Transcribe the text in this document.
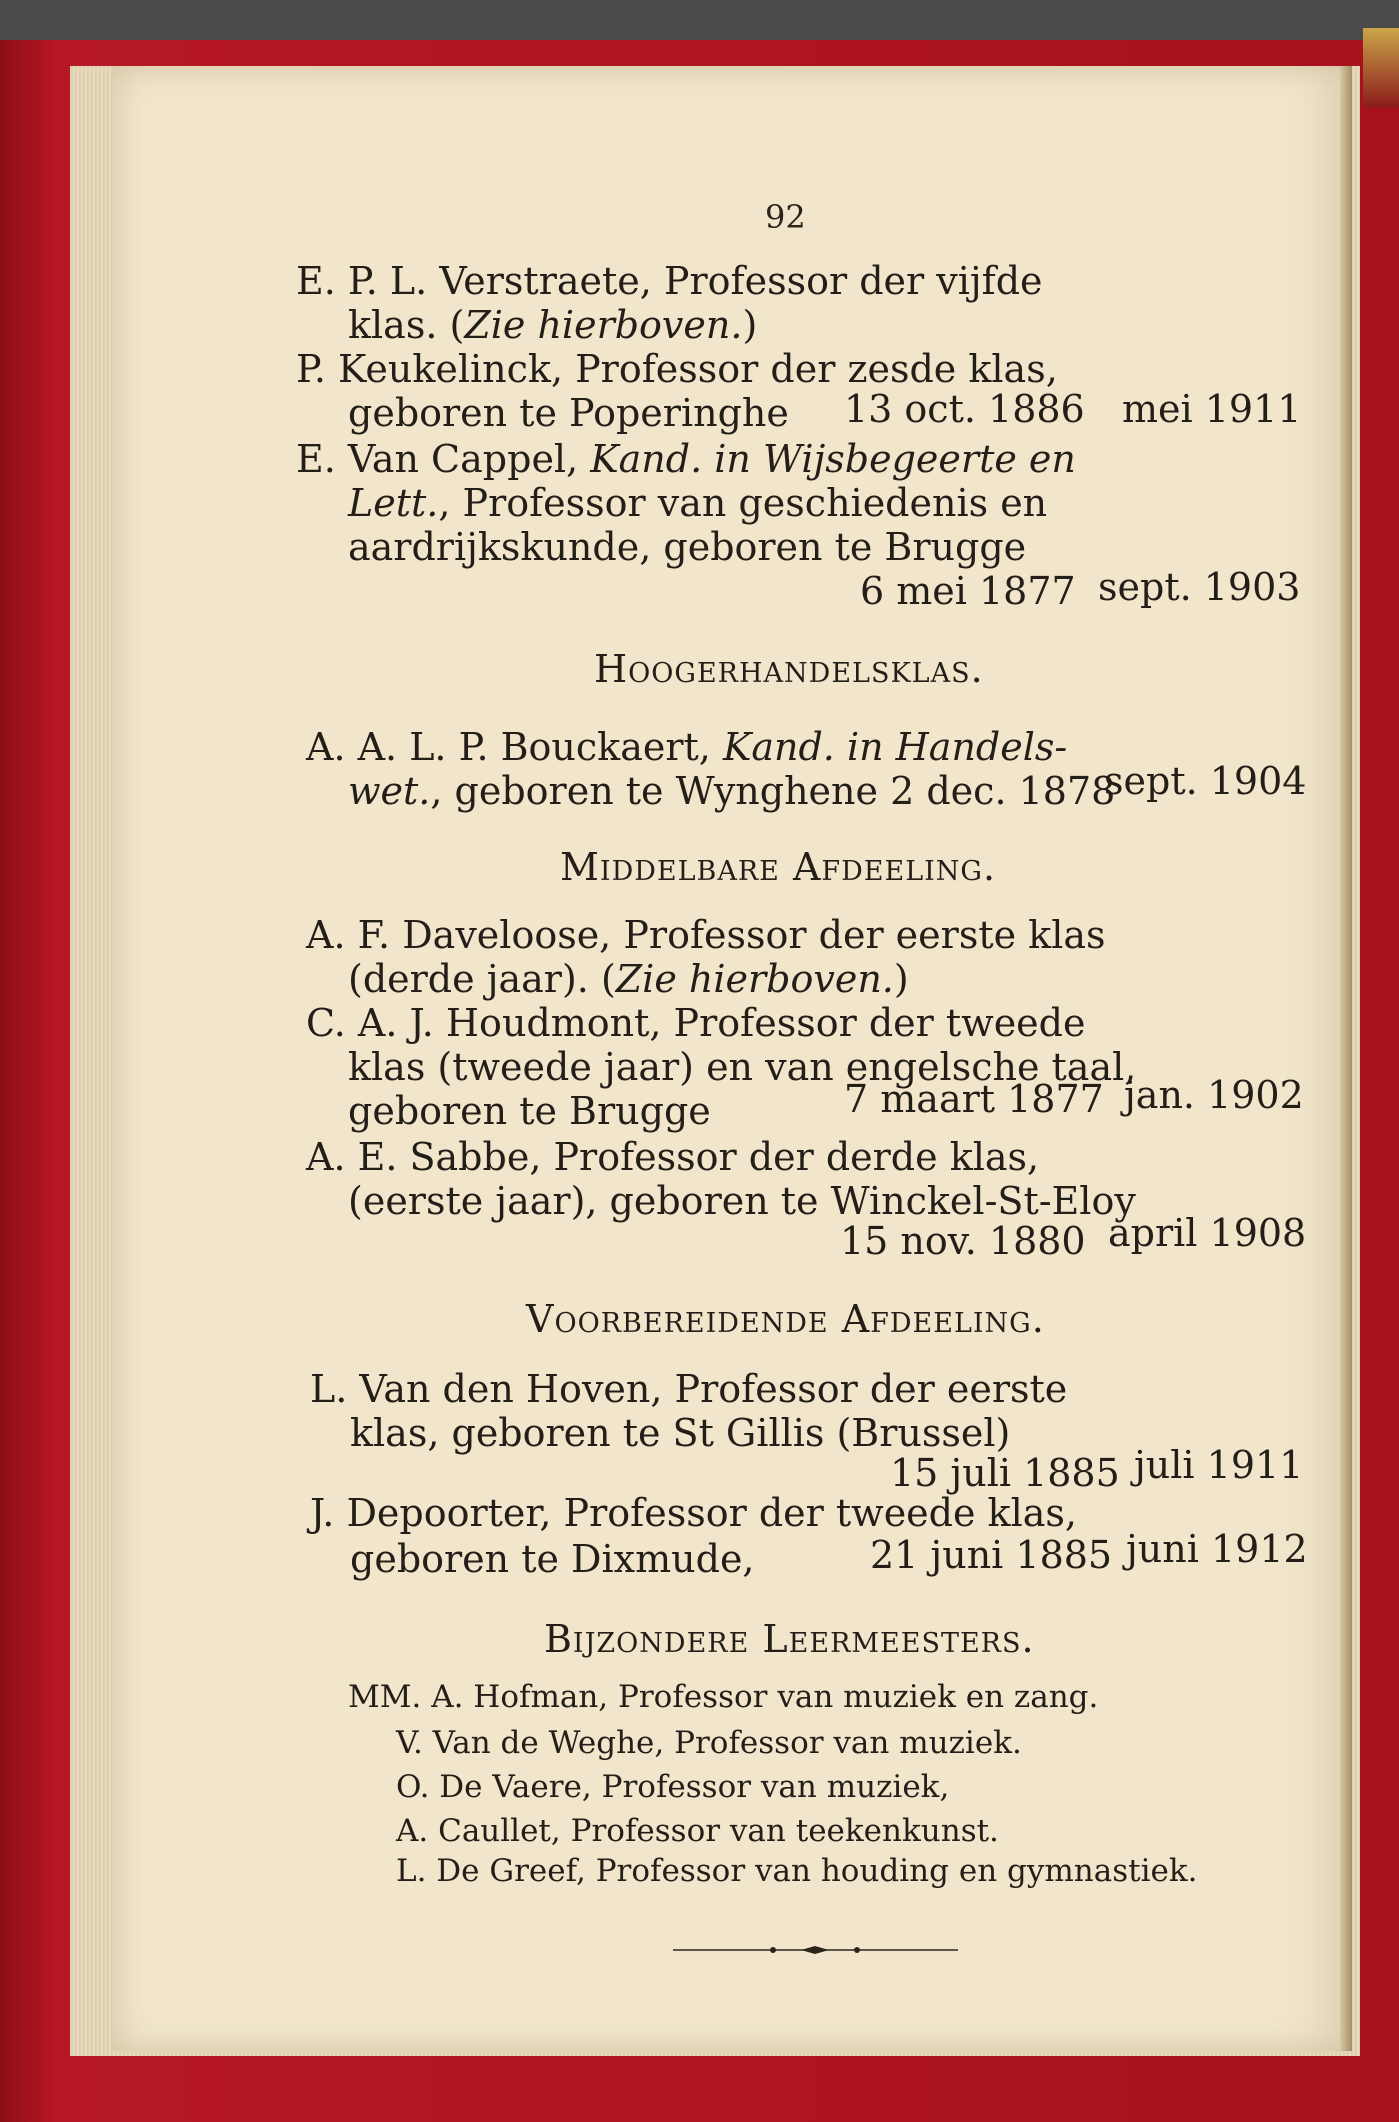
92
E. P. L. Verstraete, Professor der vijfde
klas. (Zie hierboven.)
P. Keukelinck, Professor der zesde klas,
geboren te Poperinghe 13 oct. 1886 mei 1911
E. Van Cappel, Kand. in Wijsbegeerte en
Lett., Professor van geschiedenis en
aardrijkskunde, geboren te Brugge
6 mei 1877 sept. 1903
Hoogerhandelsklas.
A. A. L. P. Bouckaert, Kand. in Handels-
wet., geboren te Wynghene 2 dec. 1878
sept. 1904
Middelbare Afdeeling.
A. F. Daveloose, Professor der eerste klas
(derde jaar). (Zie hierboven.)
C. A. J. Houdmont, Professor der tweede
klas (tweede jaar) en van engelsche taal,
geboren te Brugge	7 maart 1877 jan. 1902
A. E. Sabbe, Professor der derde klas,
(eerste jaar), geboren te Winckel-St-Eloy
15 nov. 1880 april 1908
Voorbereidende Afdeeling.
L. Van den Hoven, Professor der eerste
klas, geboren te St Gillis (Brussel)
15 juli 1885 juli 1911
J. Depoorter, Professor der tweede klas,
geboren te Dixmude,	21 juni 1885 juni 1912
Bijzondere Leermeesters.
MM. A. Hofman, Professor van muziek en zang.
V. Van de Weghe, Professor van muziek.
O. De Vaere, Professor van muziek,
A. Caullet, Professor van teekenkunst.
L. De Greef, Professor van houding en gymnastiek.
